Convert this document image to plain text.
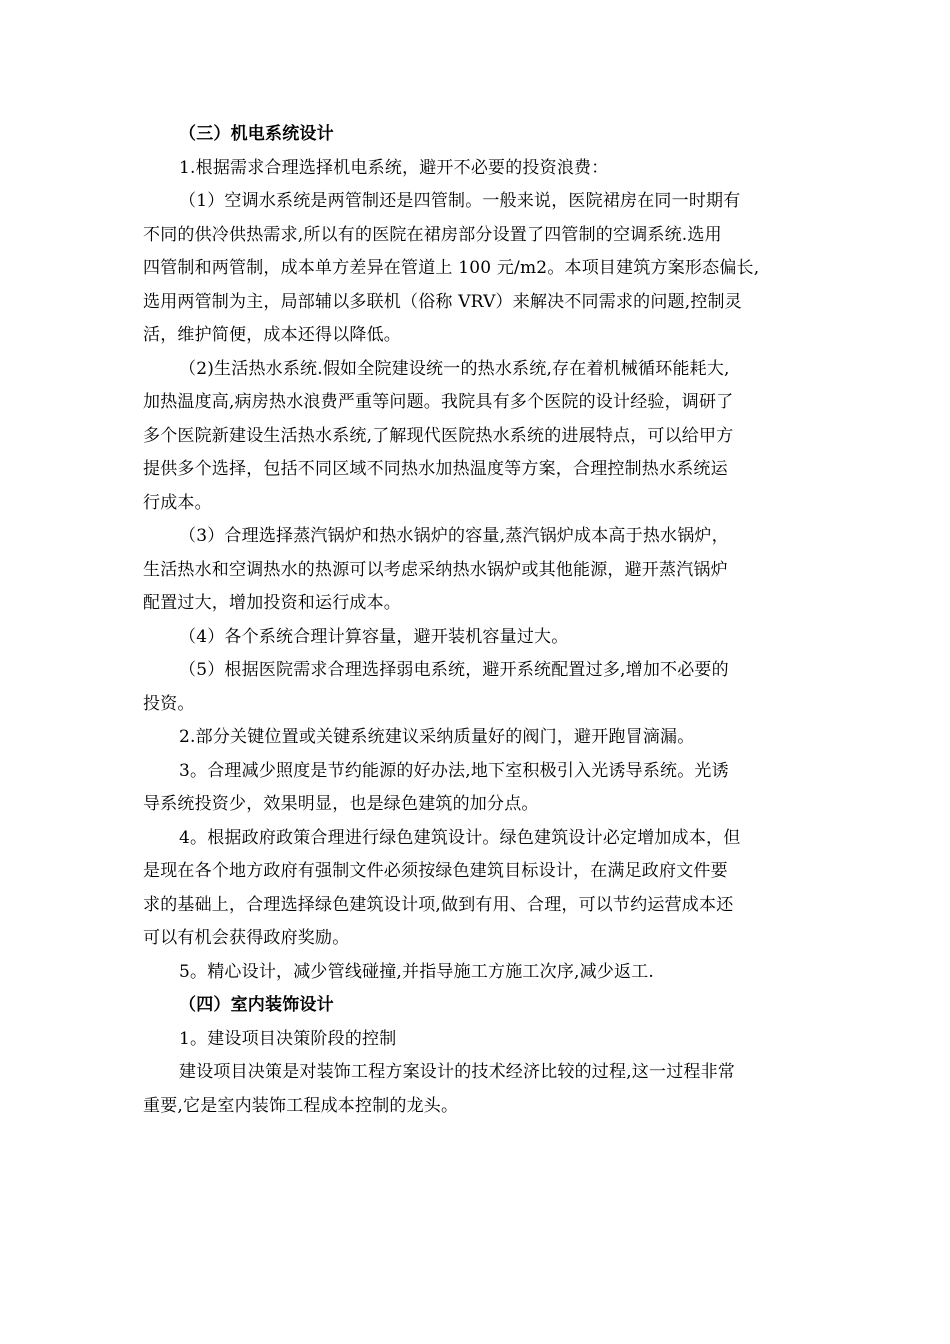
（三）机电系统设计
1.根据需求合理选择机电系统，避开不必要的投资浪费：
（1）空调水系统是两管制还是四管制。一般来说，医院裙房在同一时期有
不同的供冷供热需求,所以有的医院在裙房部分设置了四管制的空调系统.选用
四管制和两管制，成本单方差异在管道上 100 元/m2。本项目建筑方案形态偏长,
选用两管制为主，局部辅以多联机（俗称 VRV）来解决不同需求的问题,控制灵
活，维护简便，成本还得以降低。
（2)生活热水系统.假如全院建设统一的热水系统,存在着机械循环能耗大,
加热温度高,病房热水浪费严重等问题。我院具有多个医院的设计经验，调研了
多个医院新建设生活热水系统,了解现代医院热水系统的进展特点，可以给甲方
提供多个选择，包括不同区域不同热水加热温度等方案，合理控制热水系统运
行成本。
（3）合理选择蒸汽锅炉和热水锅炉的容量,蒸汽锅炉成本高于热水锅炉，
生活热水和空调热水的热源可以考虑采纳热水锅炉或其他能源，避开蒸汽锅炉
配置过大，增加投资和运行成本。
（4）各个系统合理计算容量，避开装机容量过大。
（5）根据医院需求合理选择弱电系统，避开系统配置过多,增加不必要的
投资。
2.部分关键位置或关键系统建议采纳质量好的阀门，避开跑冒滴漏。
3。合理减少照度是节约能源的好办法,地下室积极引入光诱导系统。光诱
导系统投资少，效果明显，也是绿色建筑的加分点。
4。根据政府政策合理进行绿色建筑设计。绿色建筑设计必定增加成本，但
是现在各个地方政府有强制文件必须按绿色建筑目标设计，在满足政府文件要
求的基础上，合理选择绿色建筑设计项,做到有用、合理，可以节约运营成本还
可以有机会获得政府奖励。
5。精心设计，减少管线碰撞,并指导施工方施工次序,减少返工.
（四）室内装饰设计
1。建设项目决策阶段的控制
建设项目决策是对装饰工程方案设计的技术经济比较的过程,这一过程非常
重要,它是室内装饰工程成本控制的龙头。
